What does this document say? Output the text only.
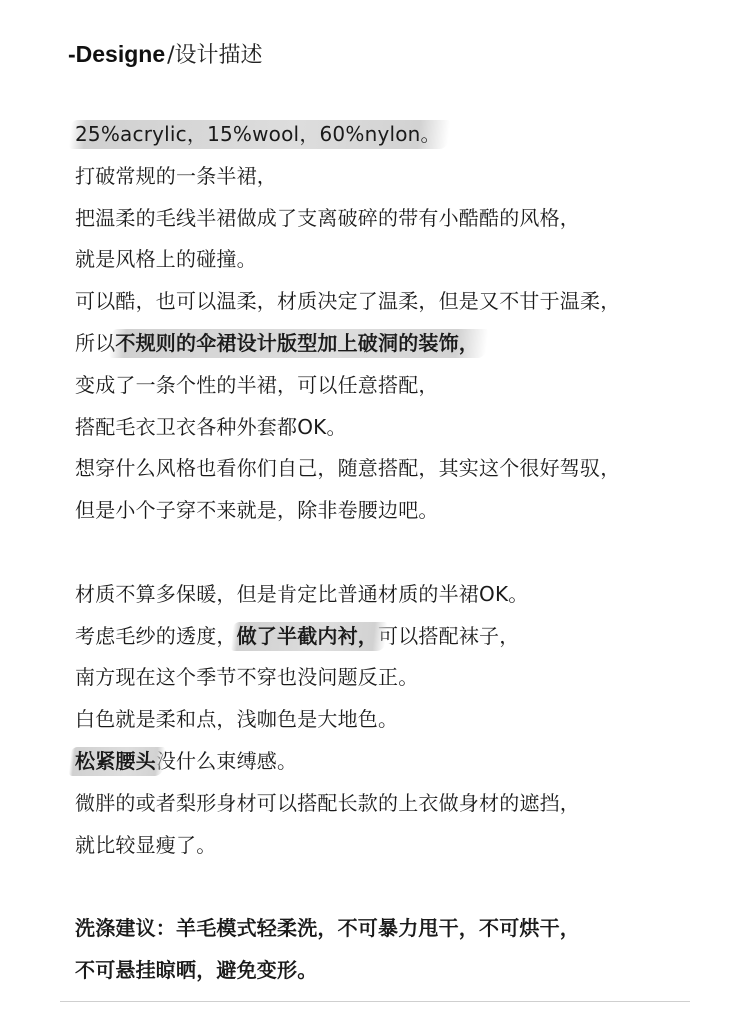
-Designe /设计描述
25%acrylic，15%wool，60%nylon。
打破常规的一条半裙，
把温柔的毛线半裙做成了支离破碎的带有小酷酷的风格，
就是风格上的碰撞。
可以酷，也可以温柔，材质决定了温柔，但是又不甘于温柔，
所以不规则的伞裙设计版型加上破洞的装饰，
变成了一条个性的半裙，可以任意搭配，
搭配毛衣卫衣各种外套都OK。
想穿什么风格也看你们自己，随意搭配，其实这个很好驾驭，
但是小个子穿不来就是，除非卷腰边吧。
材质不算多保暖，但是肯定比普通材质的半裙OK。
考虑毛纱的透度，做了半截内衬，可以搭配袜子，
南方现在这个季节不穿也没问题反正。
白色就是柔和点，浅咖色是大地色。
松紧腰头没什么束缚感。
微胖的或者梨形身材可以搭配长款的上衣做身材的遮挡，
就比较显瘦了。
洗涤建议：羊毛模式轻柔洗，不可暴力甩干，不可烘干，
不可悬挂晾晒，避免变形。
